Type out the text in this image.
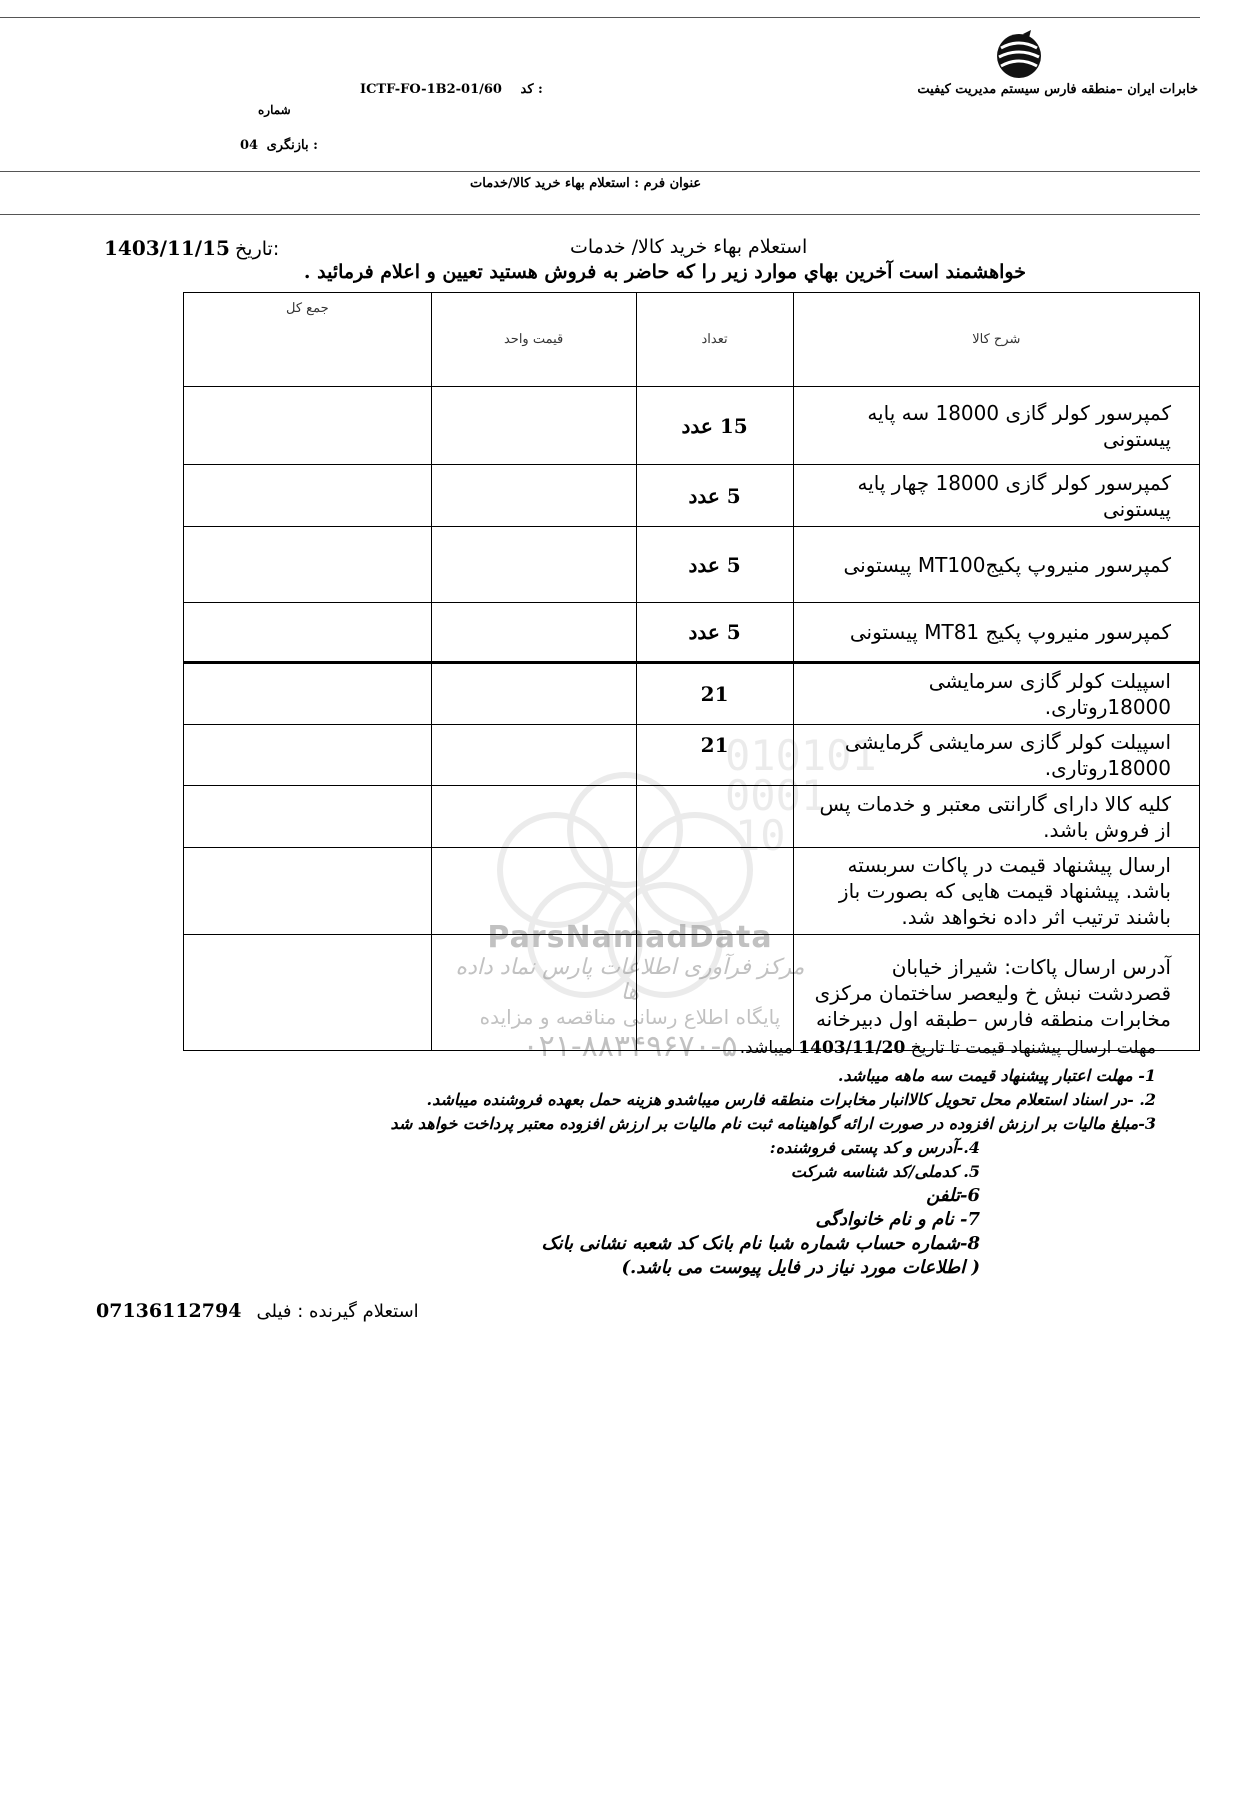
خابرات ایران –منطقه فارس سیستم مدیریت کیفیت
ICTF-FO-1B2-01/60 کد :
شماره
04 بازنگری :
عنوان فرم : استعلام بهاء خرید کالا/خدمات
استعلام بهاء خرید کالا/ خدمات
1403/11/15 تاریخ:
خواهشمند است آخرین بهاي موارد زیر را که حاضر به فروش هستید تعیین و اعلام فرمائید .
010101
0001
10
ParsNamadData
مرکز فرآوری اطلاعات پارس نماد داده ها
پایگاه اطلاع رسانی مناقصه و مزایده
۰۲۱-۸۸۳۴۹۶۷۰-۵
شرح کالا	تعداد	قیمت واحد	جمع کل
کمپرسور کولر گازی 18000 سه پایه پیستونی	15 عدد		
کمپرسور کولر گازی 18000 چهار پایه پیستونی	5 عدد		
کمپرسور منیروپ پکیجMT100 پیستونی	5 عدد		
کمپرسور منیروپ پکیج MT81 پیستونی	5 عدد		
اسپیلت کولر گازی سرمایشی 18000روتاری.	21		
اسپیلت کولر گازی سرمایشی گرمایشی 18000روتاری.	21		
کلیه کالا دارای گارانتی معتبر و خدمات پس از فروش باشد.			
ارسال پیشنهاد قیمت در پاکات سربسته باشد. پیشنهاد قیمت هایی که بصورت باز باشند ترتیب اثر داده نخواهد شد.			
آدرس ارسال پاکات: شیراز خیابان قصردشت نبش خ ولیعصر ساختمان مرکزی مخابرات منطقه فارس –طبقه اول دبیرخانه			
مهلت ارسال پیشنهاد قیمت تا تاریخ 1403/11/20 میباشد.
1- مهلت اعتبار پیشنهاد قیمت سه ماهه میباشد.
2. -در اسناد استعلام محل تحویل کالاانبار مخابرات منطقه فارس میباشدو هزینه حمل بعهده فروشنده میباشد.
3-مبلغ مالیات بر ارزش افزوده در صورت ارائه گواهینامه ثبت نام مالیات بر ارزش افزوده معتبر پرداخت خواهد شد
4.-آدرس و کد پستی فروشنده:
5. کدملی/کد شناسه شرکت
6-تلفن
7- نام و نام خانوادگی
8-شماره حساب شماره شبا نام بانک کد شعبه نشانی بانک
( اطلاعات مورد نیاز در فایل پیوست می باشد.)
07136112794 استعلام گیرنده : فیلی
